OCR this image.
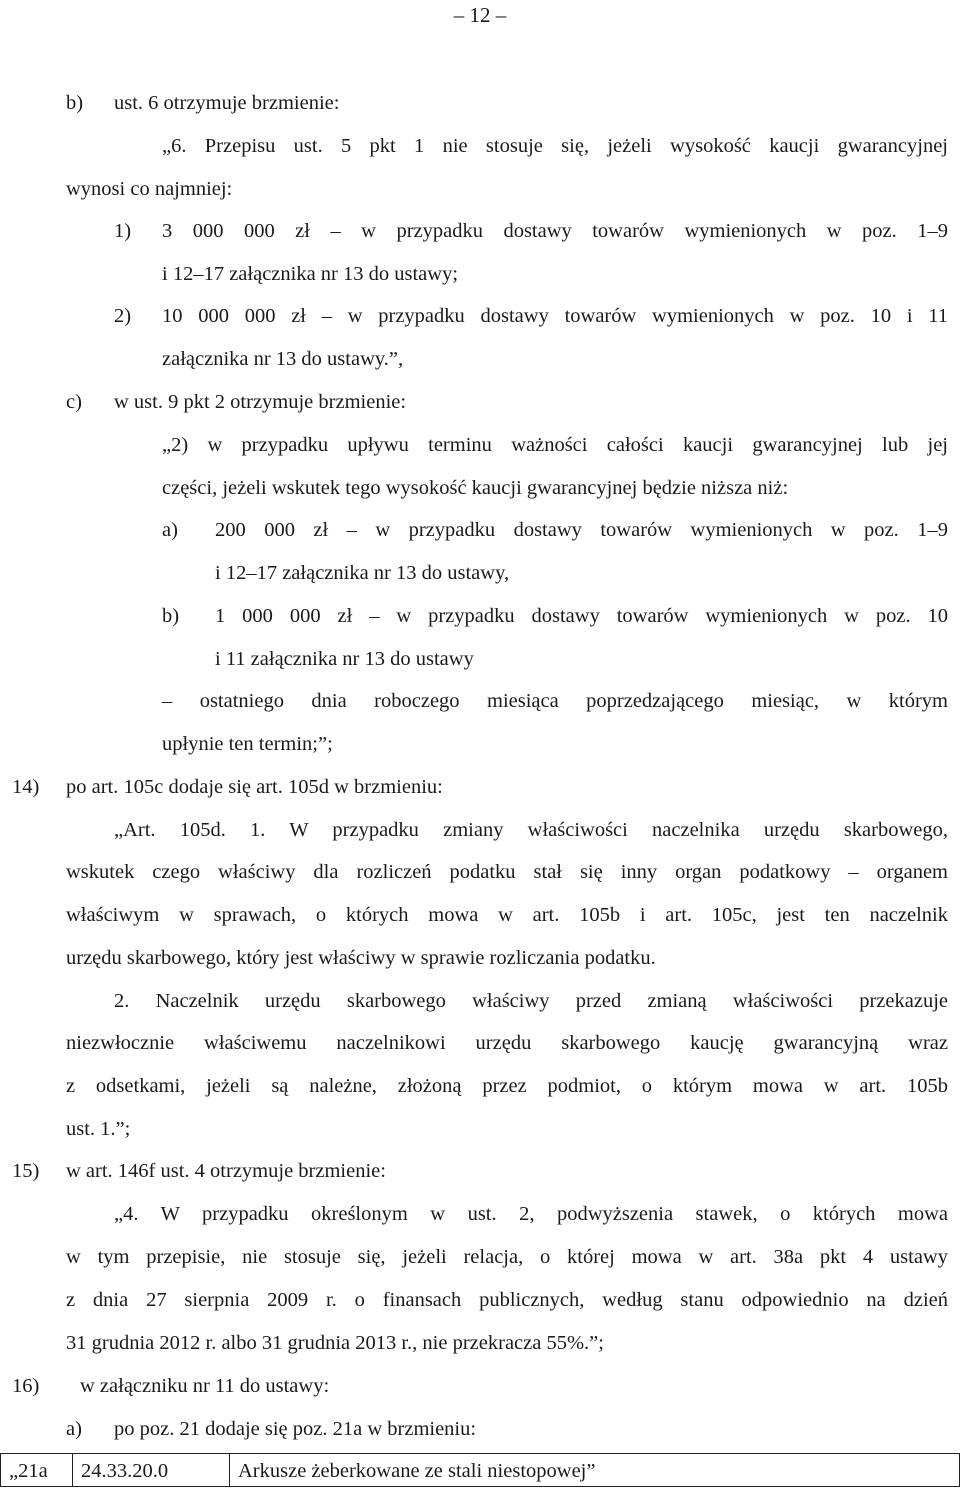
– 12 –
b) ust. 6 otrzymuje brzmienie:
„6. Przepisu ust. 5 pkt 1 nie stosuje się, jeżeli wysokość kaucji gwarancyjnej
wynosi co najmniej:
1) 3 000 000 zł – w przypadku dostawy towarów wymienionych w poz. 1–9
i 12–17 załącznika nr 13 do ustawy;
2) 10 000 000 zł – w przypadku dostawy towarów wymienionych w poz. 10 i 11
załącznika nr 13 do ustawy.”,
c) w ust. 9 pkt 2 otrzymuje brzmienie:
„2) w przypadku upływu terminu ważności całości kaucji gwarancyjnej lub jej
części, jeżeli wskutek tego wysokość kaucji gwarancyjnej będzie niższa niż:
a) 200 000 zł – w przypadku dostawy towarów wymienionych w poz. 1–9
i 12–17 załącznika nr 13 do ustawy,
b) 1 000 000 zł – w przypadku dostawy towarów wymienionych w poz. 10
i 11 załącznika nr 13 do ustawy
– ostatniego dnia roboczego miesiąca poprzedzającego miesiąc, w którym
upłynie ten termin;”;
14) po art. 105c dodaje się art. 105d w brzmieniu:
„Art. 105d. 1. W przypadku zmiany właściwości naczelnika urzędu skarbowego,
wskutek czego właściwy dla rozliczeń podatku stał się inny organ podatkowy – organem
właściwym w sprawach, o których mowa w art. 105b i art. 105c, jest ten naczelnik
urzędu skarbowego, który jest właściwy w sprawie rozliczania podatku.
2. Naczelnik urzędu skarbowego właściwy przed zmianą właściwości przekazuje
niezwłocznie właściwemu naczelnikowi urzędu skarbowego kaucję gwarancyjną wraz
z odsetkami, jeżeli są należne, złożoną przez podmiot, o którym mowa w art. 105b
ust. 1.”;
15) w art. 146f ust. 4 otrzymuje brzmienie:
„4. W przypadku określonym w ust. 2, podwyższenia stawek, o których mowa
w tym przepisie, nie stosuje się, jeżeli relacja, o której mowa w art. 38a pkt 4 ustawy
z dnia 27 sierpnia 2009 r. o finansach publicznych, według stanu odpowiednio na dzień
31 grudnia 2012 r. albo 31 grudnia 2013 r., nie przekracza 55%.”;
16) w załączniku nr 11 do ustawy:
a) po poz. 21 dodaje się poz. 21a w brzmieniu:
„21a	24.33.20.0	Arkusze żeberkowane ze stali niestopowej”
